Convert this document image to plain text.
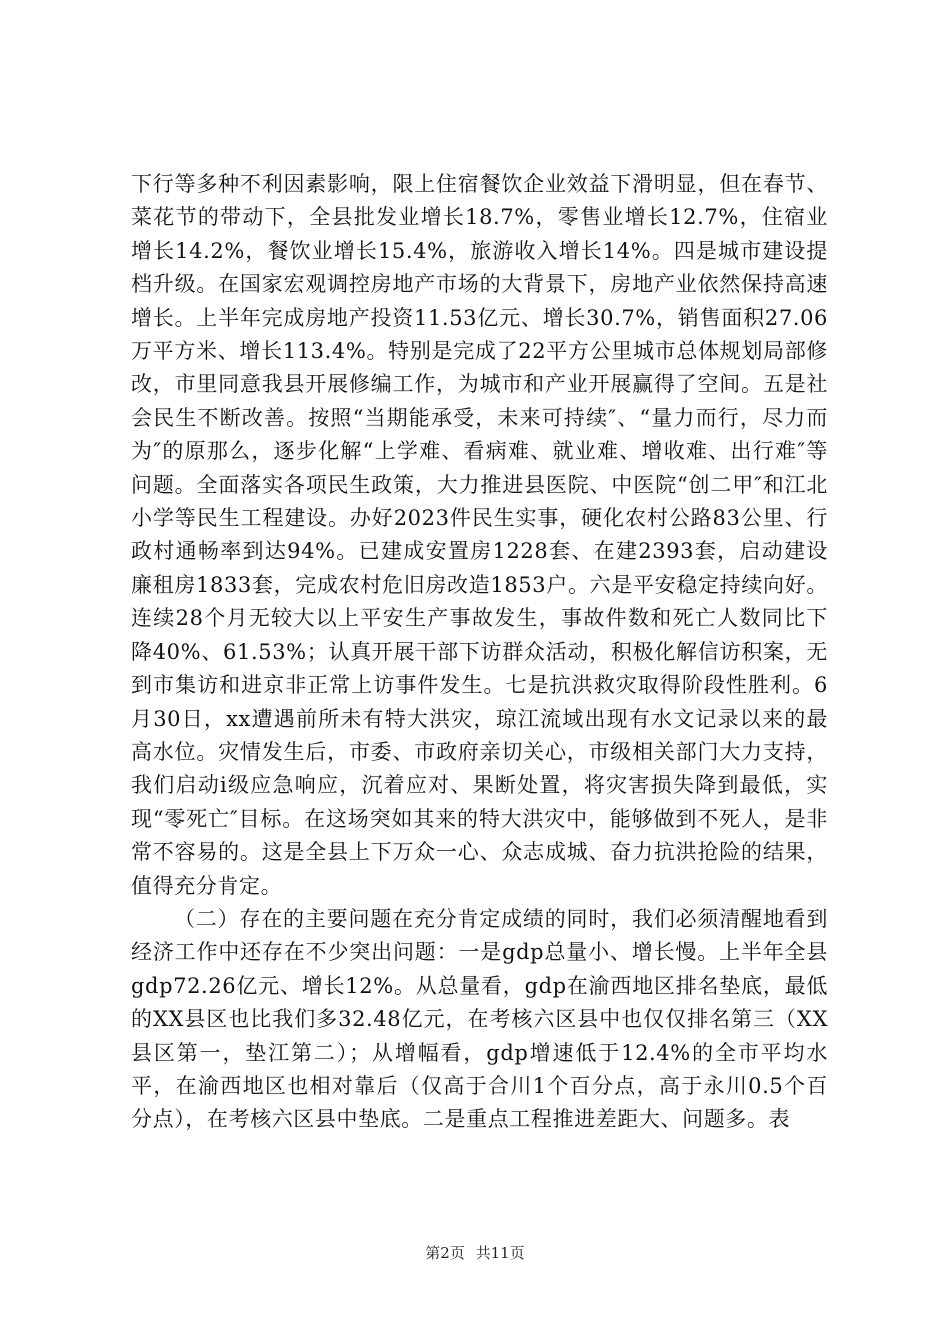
下行等多种不利因素影响，限上住宿餐饮企业效益下滑明显，但在春节、菜花节的带动下，全县批发业增长18.7%，零售业增长12.7%，住宿业增长14.2%，餐饮业增长15.4%，旅游收入增长14%。四是城市建设提档升级。在国家宏观调控房地产市场的大背景下，房地产业依然保持高速增长。上半年完成房地产投资11.53亿元、增长30.7%，销售面积27.06万平方米、增长113.4%。特别是完成了22平方公里城市总体规划局部修改，市里同意我县开展修编工作，为城市和产业开展赢得了空间。五是社会民生不断改善。按照“当期能承受，未来可持续″、“量力而行，尽力而为″的原那么，逐步化解“上学难、看病难、就业难、增收难、出行难″等问题。全面落实各项民生政策，大力推进县医院、中医院“创二甲″和江北小学等民生工程建设。办好2023件民生实事，硬化农村公路83公里、行政村通畅率到达94%。已建成安置房1228套、在建2393套，启动建设廉租房1833套，完成农村危旧房改造1853户。六是平安稳定持续向好。连续28个月无较大以上平安生产事故发生，事故件数和死亡人数同比下降40%、61.53%；认真开展干部下访群众活动，积极化解信访积案，无到市集访和进京非正常上访事件发生。七是抗洪救灾取得阶段性胜利。6月30日，xx遭遇前所未有特大洪灾，琼江流域出现有水文记录以来的最高水位。灾情发生后，市委、市政府亲切关心，市级相关部门大力支持，我们启动i级应急响应，沉着应对、果断处置，将灾害损失降到最低，实现“零死亡″目标。在这场突如其来的特大洪灾中，能够做到不死人，是非常不容易的。这是全县上下万众一心、众志成城、奋力抗洪抢险的结果，值得充分肯定。

（二）存在的主要问题在充分肯定成绩的同时，我们必须清醒地看到经济工作中还存在不少突出问题：一是gdp总量小、增长慢。上半年全县gdp72.26亿元、增长12%。从总量看，gdp在渝西地区排名垫底，最低的XX县区也比我们多32.48亿元，在考核六区县中也仅仅排名第三（XX县区第一，垫江第二）；从增幅看，gdp增速低于12.4%的全市平均水平，在渝西地区也相对靠后（仅高于合川1个百分点，高于永川0.5个百分点），在考核六区县中垫底。二是重点工程推进差距大、问题多。表

第2页 共11页
